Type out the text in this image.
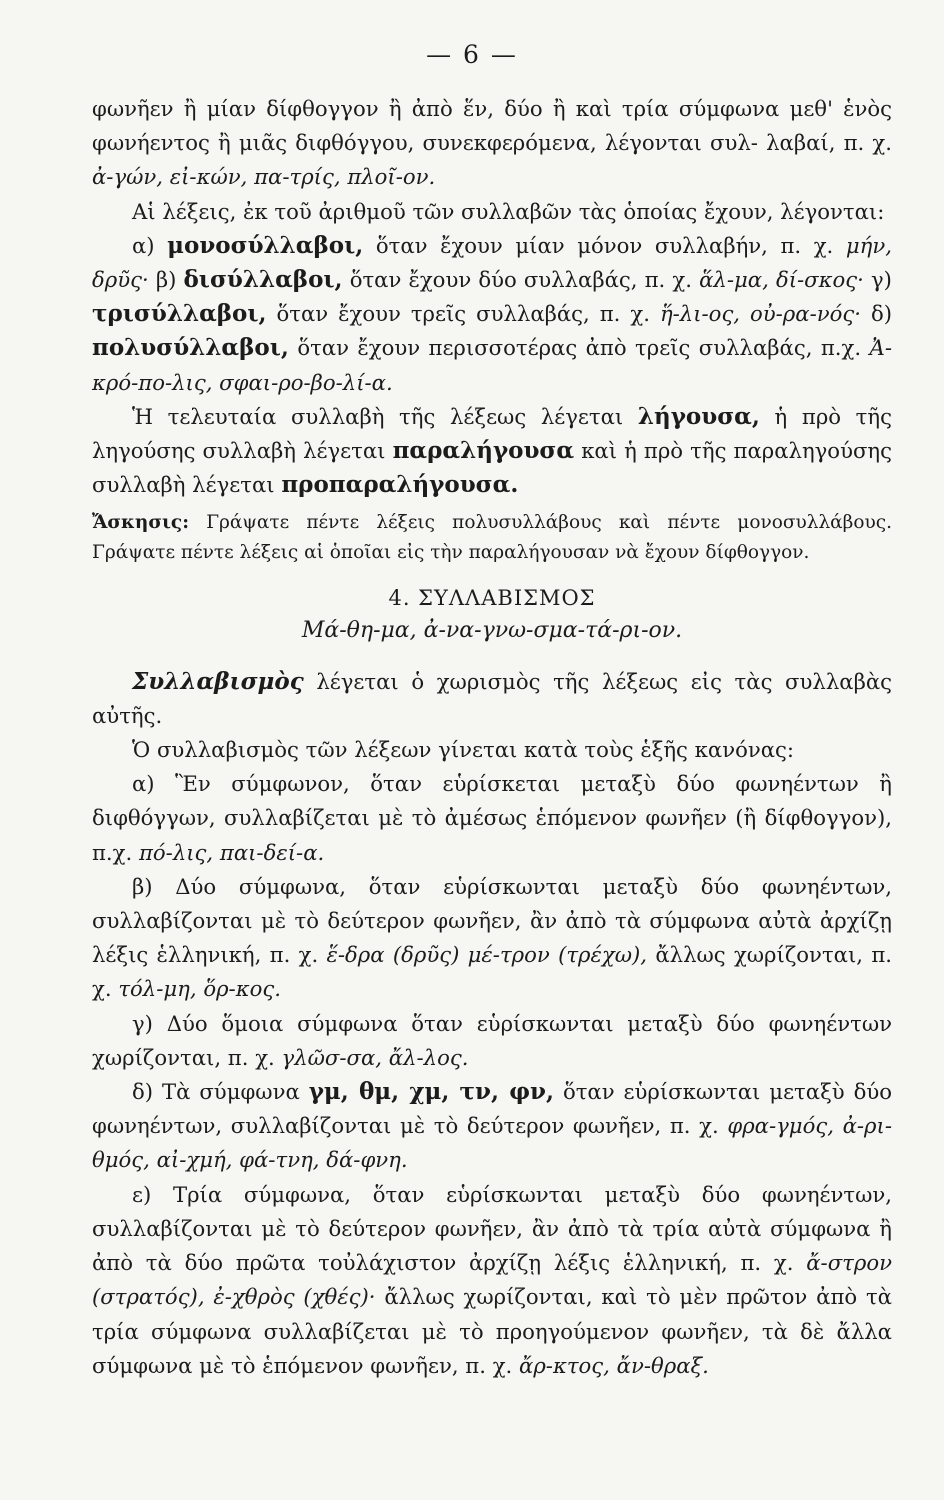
— 6 —

φωνῆεν ἢ μίαν δίφθογγον ἢ ἀπὸ ἕν, δύο ἢ καὶ τρία σύμφωνα μεθ' ἑνὸς φωνήεντος ἢ μιᾶς διφθόγγου, συνεκφερόμενα, λέγονται συλ- λαβαί, π. χ. ἀ-γών, εἰ-κών, πα-τρίς, πλοῖ-ον.

Αἱ λέξεις, ἐκ τοῦ ἀριθμοῦ τῶν συλλαβῶν τὰς ὁποίας ἔχουν, λέγονται:

α) μονοσύλλαβοι, ὅταν ἔχουν μίαν μόνον συλλαβήν, π. χ. μήν, δρῦς· β) δισύλλαβοι, ὅταν ἔχουν δύο συλλαβάς, π. χ. ἅλ-μα, δί-σκος· γ) τρισύλλαβοι, ὅταν ἔχουν τρεῖς συλλαβάς, π. χ. ἥ-λι-ος, οὐ-ρα-νός· δ) πολυσύλλαβοι, ὅταν ἔχουν περισσοτέρας ἀπὸ τρεῖς συλλαβάς, π.χ. Ἀ-κρό-πο-λις, σφαι-ρο-βο-λί-α.

Ἡ τελευταία συλλαβὴ τῆς λέξεως λέγεται λήγουσα, ἡ πρὸ τῆς ληγούσης συλλαβὴ λέγεται παραλήγουσα καὶ ἡ πρὸ τῆς παραληγούσης συλλαβὴ λέγεται προπαραλήγουσα.

Ἄσκησις: Γράψατε πέντε λέξεις πολυσυλλάβους καὶ πέντε μονοσυλλάβους. Γράψατε πέντε λέξεις αἱ ὁποῖαι εἰς τὴν παραλήγουσαν νὰ ἔχουν δίφθογγον.

4. ΣΥΛΛΑΒΙΣΜΟΣ

Μά-θη-μα, ἀ-να-γνω-σμα-τά-ρι-ον.

Συλλαβισμὸς λέγεται ὁ χωρισμὸς τῆς λέξεως εἰς τὰς συλλαβὰς αὐτῆς.

Ὁ συλλαβισμὸς τῶν λέξεων γίνεται κατὰ τοὺς ἑξῆς κανόνας:

α) Ἓν σύμφωνον, ὅταν εὑρίσκεται μεταξὺ δύο φωνηέντων ἢ διφθόγγων, συλλαβίζεται μὲ τὸ ἀμέσως ἑπόμενον φωνῆεν (ἢ δίφθογγον), π.χ. πό-λις, παι-δεί-α.

β) Δύο σύμφωνα, ὅταν εὑρίσκωνται μεταξὺ δύο φωνηέντων, συλλαβίζονται μὲ τὸ δεύτερον φωνῆεν, ἂν ἀπὸ τὰ σύμφωνα αὐτὰ ἀρχίζῃ λέξις ἑλληνική, π. χ. ἕ-δρα (δρῦς) μέ-τρον (τρέχω), ἄλλως χωρίζονται, π. χ. τόλ-μη, ὅρ-κος.

γ) Δύο ὅμοια σύμφωνα ὅταν εὑρίσκωνται μεταξὺ δύο φωνηέντων χωρίζονται, π. χ. γλῶσ-σα, ἄλ-λος.

δ) Τὰ σύμφωνα γμ, θμ, χμ, τν, φν, ὅταν εὑρίσκωνται μεταξὺ δύο φωνηέντων, συλλαβίζονται μὲ τὸ δεύτερον φωνῆεν, π. χ. φρα-γμός, ἀ-ρι-θμός, αἰ-χμή, φά-τνη, δά-φνη.

ε) Τρία σύμφωνα, ὅταν εὑρίσκωνται μεταξὺ δύο φωνηέντων, συλλαβίζονται μὲ τὸ δεύτερον φωνῆεν, ἂν ἀπὸ τὰ τρία αὐτὰ σύμφωνα ἢ ἀπὸ τὰ δύο πρῶτα τοὐλάχιστον ἀρχίζῃ λέξις ἑλληνική, π. χ. ἄ-στρον (στρατός), ἐ-χθρὸς (χθές)· ἄλλως χωρίζονται, καὶ τὸ μὲν πρῶτον ἀπὸ τὰ τρία σύμφωνα συλλαβίζεται μὲ τὸ προηγούμενον φωνῆεν, τὰ δὲ ἄλλα σύμφωνα μὲ τὸ ἑπόμενον φωνῆεν, π. χ. ἄρ-κτος, ἄν-θραξ.
